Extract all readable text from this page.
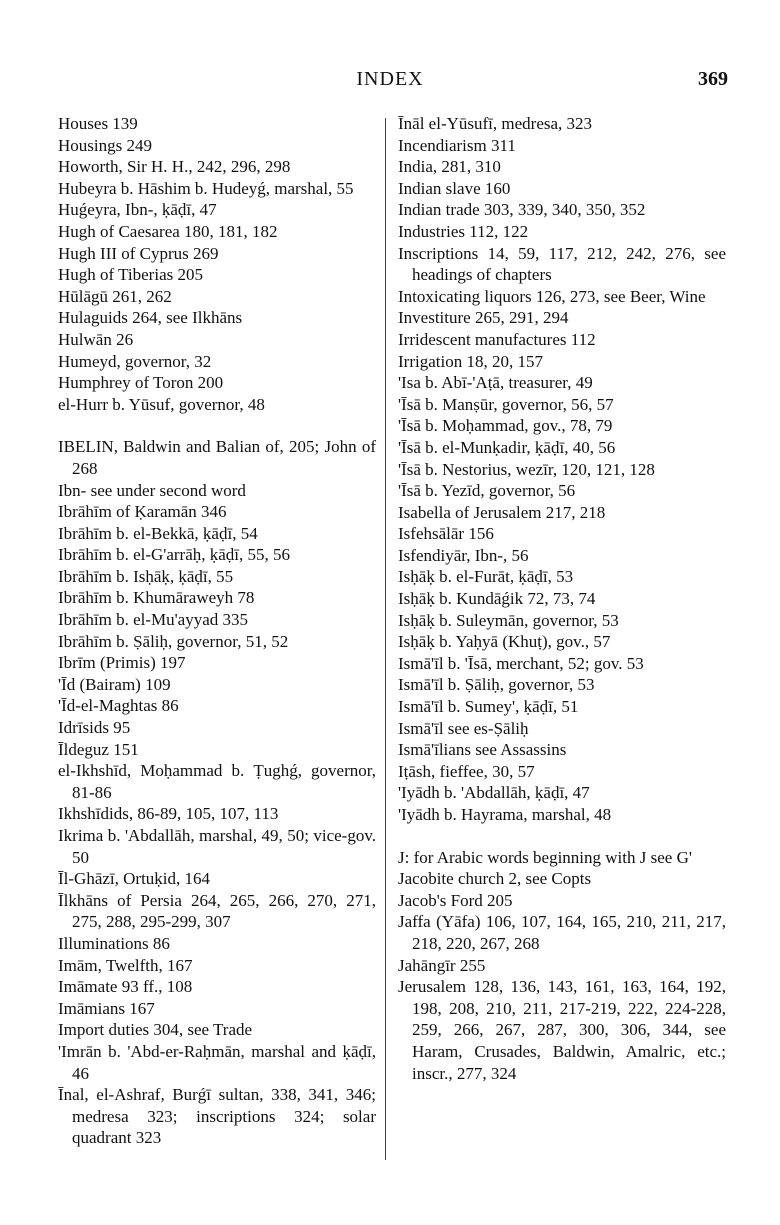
INDEX	369
Houses 139
Housings 249
Howorth, Sir H. H., 242, 296, 298
Hubeyra b. Hāshim b. Hudeyǵ, marshal, 55
Huǵeyra, Ibn-, ḳāḍī, 47
Hugh of Caesarea 180, 181, 182
Hugh III of Cyprus 269
Hugh of Tiberias 205
Hūlāgū 261, 262
Hulaguids 264, see Ilkhāns
Hulwān 26
Humeyd, governor, 32
Humphrey of Toron 200
el-Hurr b. Yūsuf, governor, 48
IBELIN, Baldwin and Balian of, 205; John of 268
Ibn- see under second word
Ibrāhīm of Ḳaramān 346
Ibrāhīm b. el-Bekkā, ḳāḍī, 54
Ibrāhīm b. el-G'arrāḥ, ḳāḍī, 55, 56
Ibrāhīm b. Isḥāḳ, ḳāḍī, 55
Ibrāhīm b. Khumāraweyh 78
Ibrāhīm b. el-Mu'ayyad 335
Ibrāhīm b. Ṣāliḥ, governor, 51, 52
Ibrīm (Primis) 197
'Īd (Bairam) 109
'Īd-el-Maghtas 86
Idrīsids 95
Īldeguz 151
el-Ikhshīd, Moḥammad b. Ṭughǵ, governor, 81-86
Ikhshīdids, 86-89, 105, 107, 113
Ikrima b. 'Abdallāh, marshal, 49, 50; vice-gov. 50
Īl-Ghāzī, Ortuḳid, 164
Īlkhāns of Persia 264, 265, 266, 270, 271, 275, 288, 295-299, 307
Illuminations 86
Imām, Twelfth, 167
Imāmate 93 ff., 108
Imāmians 167
Import duties 304, see Trade
'Imrān b. 'Abd-er-Raḥmān, marshal and ḳāḍī, 46
Īnal, el-Ashraf, Burǵī sultan, 338, 341, 346; medresa 323; inscriptions 324; solar quadrant 323
Īnāl el-Yūsufī, medresa, 323
Incendiarism 311
India, 281, 310
Indian slave 160
Indian trade 303, 339, 340, 350, 352
Industries 112, 122
Inscriptions 14, 59, 117, 212, 242, 276, see headings of chapters
Intoxicating liquors 126, 273, see Beer, Wine
Investiture 265, 291, 294
Irridescent manufactures 112
Irrigation 18, 20, 157
'Isa b. Abī-'Aṭā, treasurer, 49
'Īsā b. Manṣūr, governor, 56, 57
'Īsā b. Moḥammad, gov., 78, 79
'Īsā b. el-Munḳadir, ḳāḍī, 40, 56
'Īsā b. Nestorius, wezīr, 120, 121, 128
'Īsā b. Yezīd, governor, 56
Isabella of Jerusalem 217, 218
Isfehsālār 156
Isfendiyār, Ibn-, 56
Isḥāḳ b. el-Furāt, ḳāḍī, 53
Isḥāḳ b. Kundāǵik 72, 73, 74
Isḥāḳ b. Suleymān, governor, 53
Isḥāḳ b. Yaḥyā (Khuṭ), gov., 57
Ismā'īl b. 'Īsā, merchant, 52; gov. 53
Ismā'īl b. Ṣāliḥ, governor, 53
Ismā'īl b. Sumey', ḳāḍī, 51
Ismā'īl see es-Ṣāliḥ
Ismā'īlians see Assassins
Iṭāsh, fieffee, 30, 57
'Iyādh b. 'Abdallāh, ḳāḍī, 47
'Iyādh b. Hayrama, marshal, 48
J: for Arabic words beginning with J see G'
Jacobite church 2, see Copts
Jacob's Ford 205
Jaffa (Yāfa) 106, 107, 164, 165, 210, 211, 217, 218, 220, 267, 268
Jahāngīr 255
Jerusalem 128, 136, 143, 161, 163, 164, 192, 198, 208, 210, 211, 217-219, 222, 224-228, 259, 266, 267, 287, 300, 306, 344, see Haram, Crusades, Baldwin, Amalric, etc.; inscr., 277, 324
